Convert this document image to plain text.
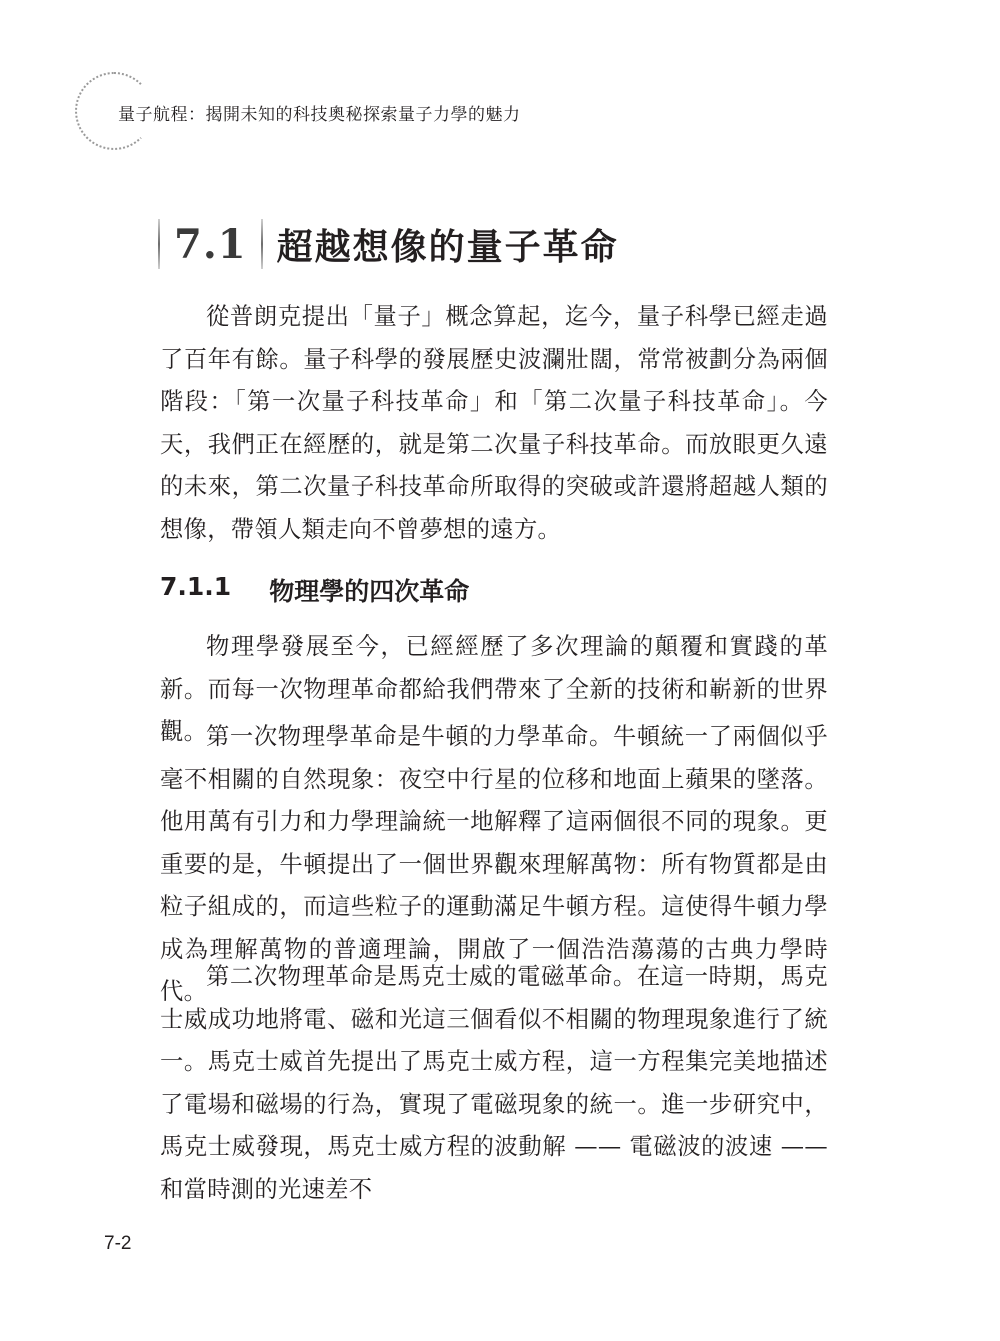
量子航程：揭開未知的科技奧秘探索量子力學的魅力
7.1 超越想像的量子革命

從普朗克提出「量子」概念算起，迄今，量子科學已經走過了百年有餘。量子科學的發展歷史波瀾壯闊，常常被劃分為兩個階段：「第一次量子科技革命」和「第二次量子科技革命」。今天，我們正在經歷的，就是第二次量子科技革命。而放眼更久遠的未來，第二次量子科技革命所取得的突破或許還將超越人類的想像，帶領人類走向不曾夢想的遠方。

7.1.1 物理學的四次革命

物理學發展至今，已經經歷了多次理論的顛覆和實踐的革新。而每一次物理革命都給我們帶來了全新的技術和嶄新的世界觀。

第一次物理學革命是牛頓的力學革命。牛頓統一了兩個似乎毫不相關的自然現象：夜空中行星的位移和地面上蘋果的墜落。他用萬有引力和力學理論統一地解釋了這兩個很不同的現象。更重要的是，牛頓提出了一個世界觀來理解萬物：所有物質都是由粒子組成的，而這些粒子的運動滿足牛頓方程。這使得牛頓力學成為理解萬物的普適理論，開啟了一個浩浩蕩蕩的古典力學時代。

第二次物理革命是馬克士威的電磁革命。在這一時期，馬克士威成功地將電、磁和光這三個看似不相關的物理現象進行了統一。馬克士威首先提出了馬克士威方程，這一方程集完美地描述了電場和磁場的行為，實現了電磁現象的統一。進一步研究中，馬克士威發現，馬克士威方程的波動解 —— 電磁波的波速 —— 和當時測的光速差不

7-2
